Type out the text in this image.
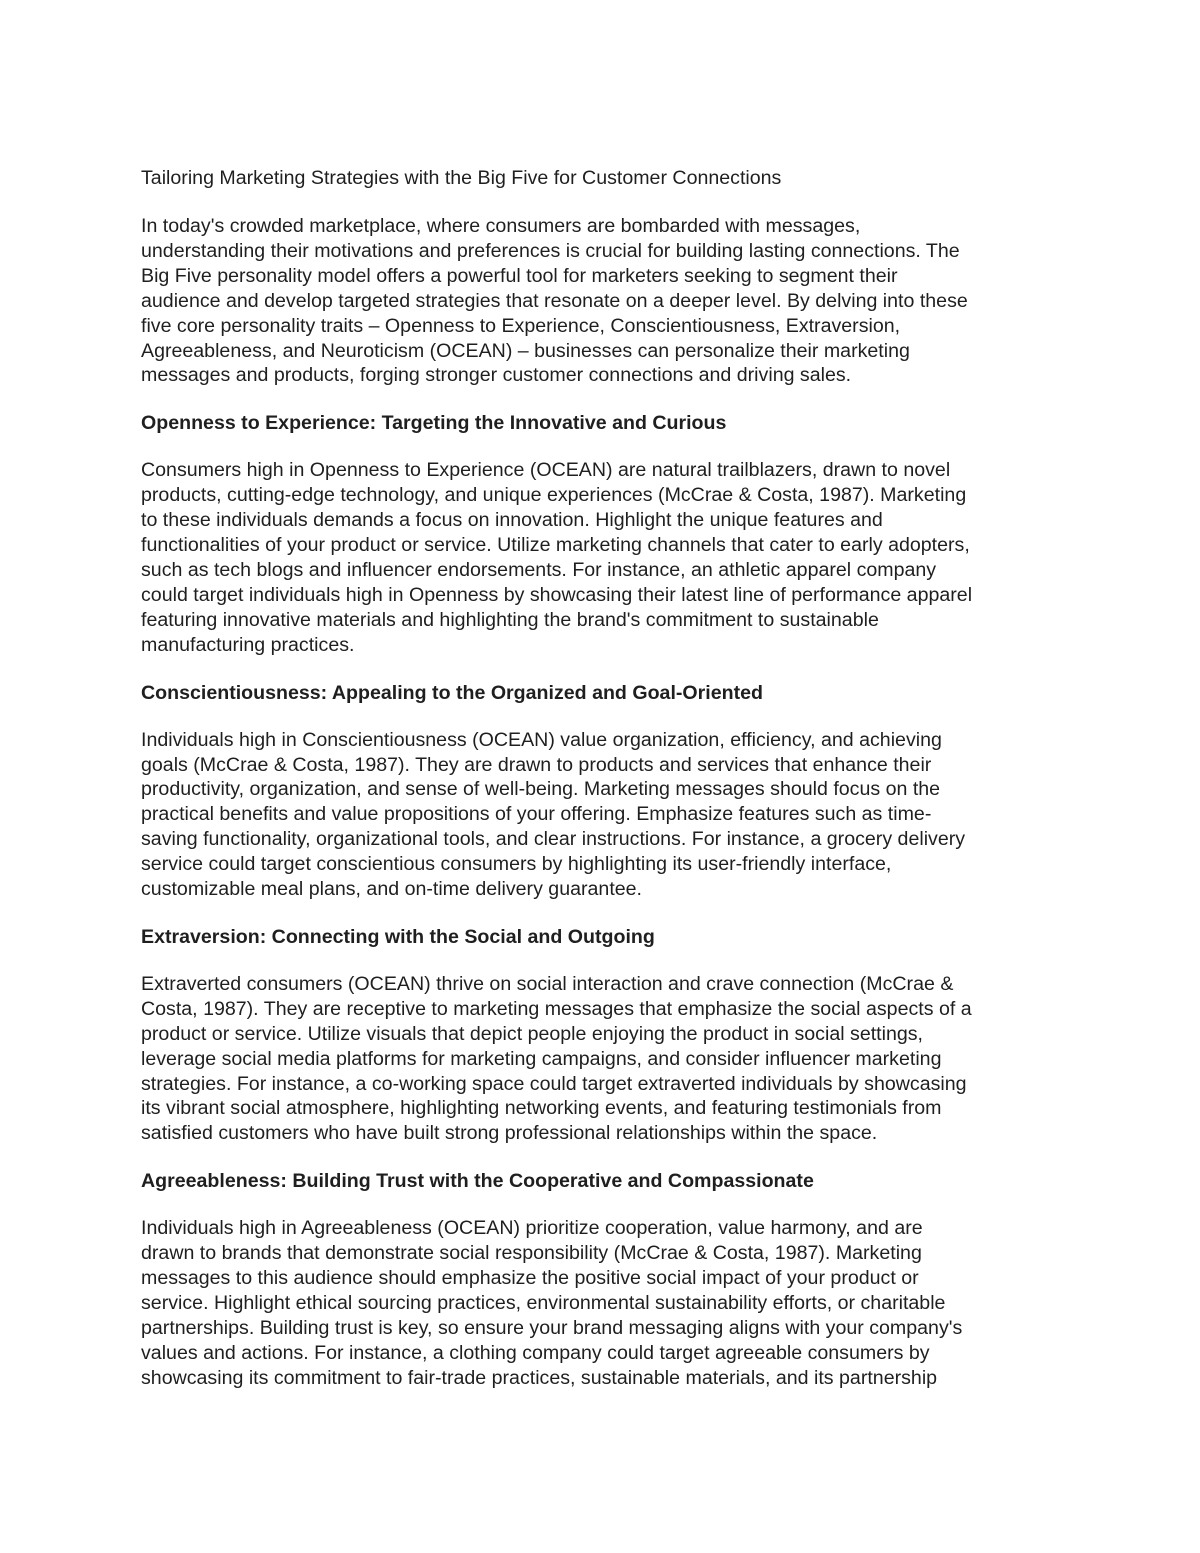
Tailoring Marketing Strategies with the Big Five for Customer Connections
In today's crowded marketplace, where consumers are bombarded with messages,
understanding their motivations and preferences is crucial for building lasting connections. The
Big Five personality model offers a powerful tool for marketers seeking to segment their
audience and develop targeted strategies that resonate on a deeper level. By delving into these
five core personality traits – Openness to Experience, Conscientiousness, Extraversion,
Agreeableness, and Neuroticism (OCEAN) – businesses can personalize their marketing
messages and products, forging stronger customer connections and driving sales.
Openness to Experience: Targeting the Innovative and Curious
Consumers high in Openness to Experience (OCEAN) are natural trailblazers, drawn to novel
products, cutting-edge technology, and unique experiences (McCrae & Costa, 1987). Marketing
to these individuals demands a focus on innovation. Highlight the unique features and
functionalities of your product or service. Utilize marketing channels that cater to early adopters,
such as tech blogs and influencer endorsements. For instance, an athletic apparel company
could target individuals high in Openness by showcasing their latest line of performance apparel
featuring innovative materials and highlighting the brand's commitment to sustainable
manufacturing practices.
Conscientiousness: Appealing to the Organized and Goal-Oriented
Individuals high in Conscientiousness (OCEAN) value organization, efficiency, and achieving
goals (McCrae & Costa, 1987). They are drawn to products and services that enhance their
productivity, organization, and sense of well-being. Marketing messages should focus on the
practical benefits and value propositions of your offering. Emphasize features such as time-
saving functionality, organizational tools, and clear instructions. For instance, a grocery delivery
service could target conscientious consumers by highlighting its user-friendly interface,
customizable meal plans, and on-time delivery guarantee.
Extraversion: Connecting with the Social and Outgoing
Extraverted consumers (OCEAN) thrive on social interaction and crave connection (McCrae &
Costa, 1987). They are receptive to marketing messages that emphasize the social aspects of a
product or service. Utilize visuals that depict people enjoying the product in social settings,
leverage social media platforms for marketing campaigns, and consider influencer marketing
strategies. For instance, a co-working space could target extraverted individuals by showcasing
its vibrant social atmosphere, highlighting networking events, and featuring testimonials from
satisfied customers who have built strong professional relationships within the space.
Agreeableness: Building Trust with the Cooperative and Compassionate
Individuals high in Agreeableness (OCEAN) prioritize cooperation, value harmony, and are
drawn to brands that demonstrate social responsibility (McCrae & Costa, 1987). Marketing
messages to this audience should emphasize the positive social impact of your product or
service. Highlight ethical sourcing practices, environmental sustainability efforts, or charitable
partnerships. Building trust is key, so ensure your brand messaging aligns with your company's
values and actions. For instance, a clothing company could target agreeable consumers by
showcasing its commitment to fair-trade practices, sustainable materials, and its partnership
